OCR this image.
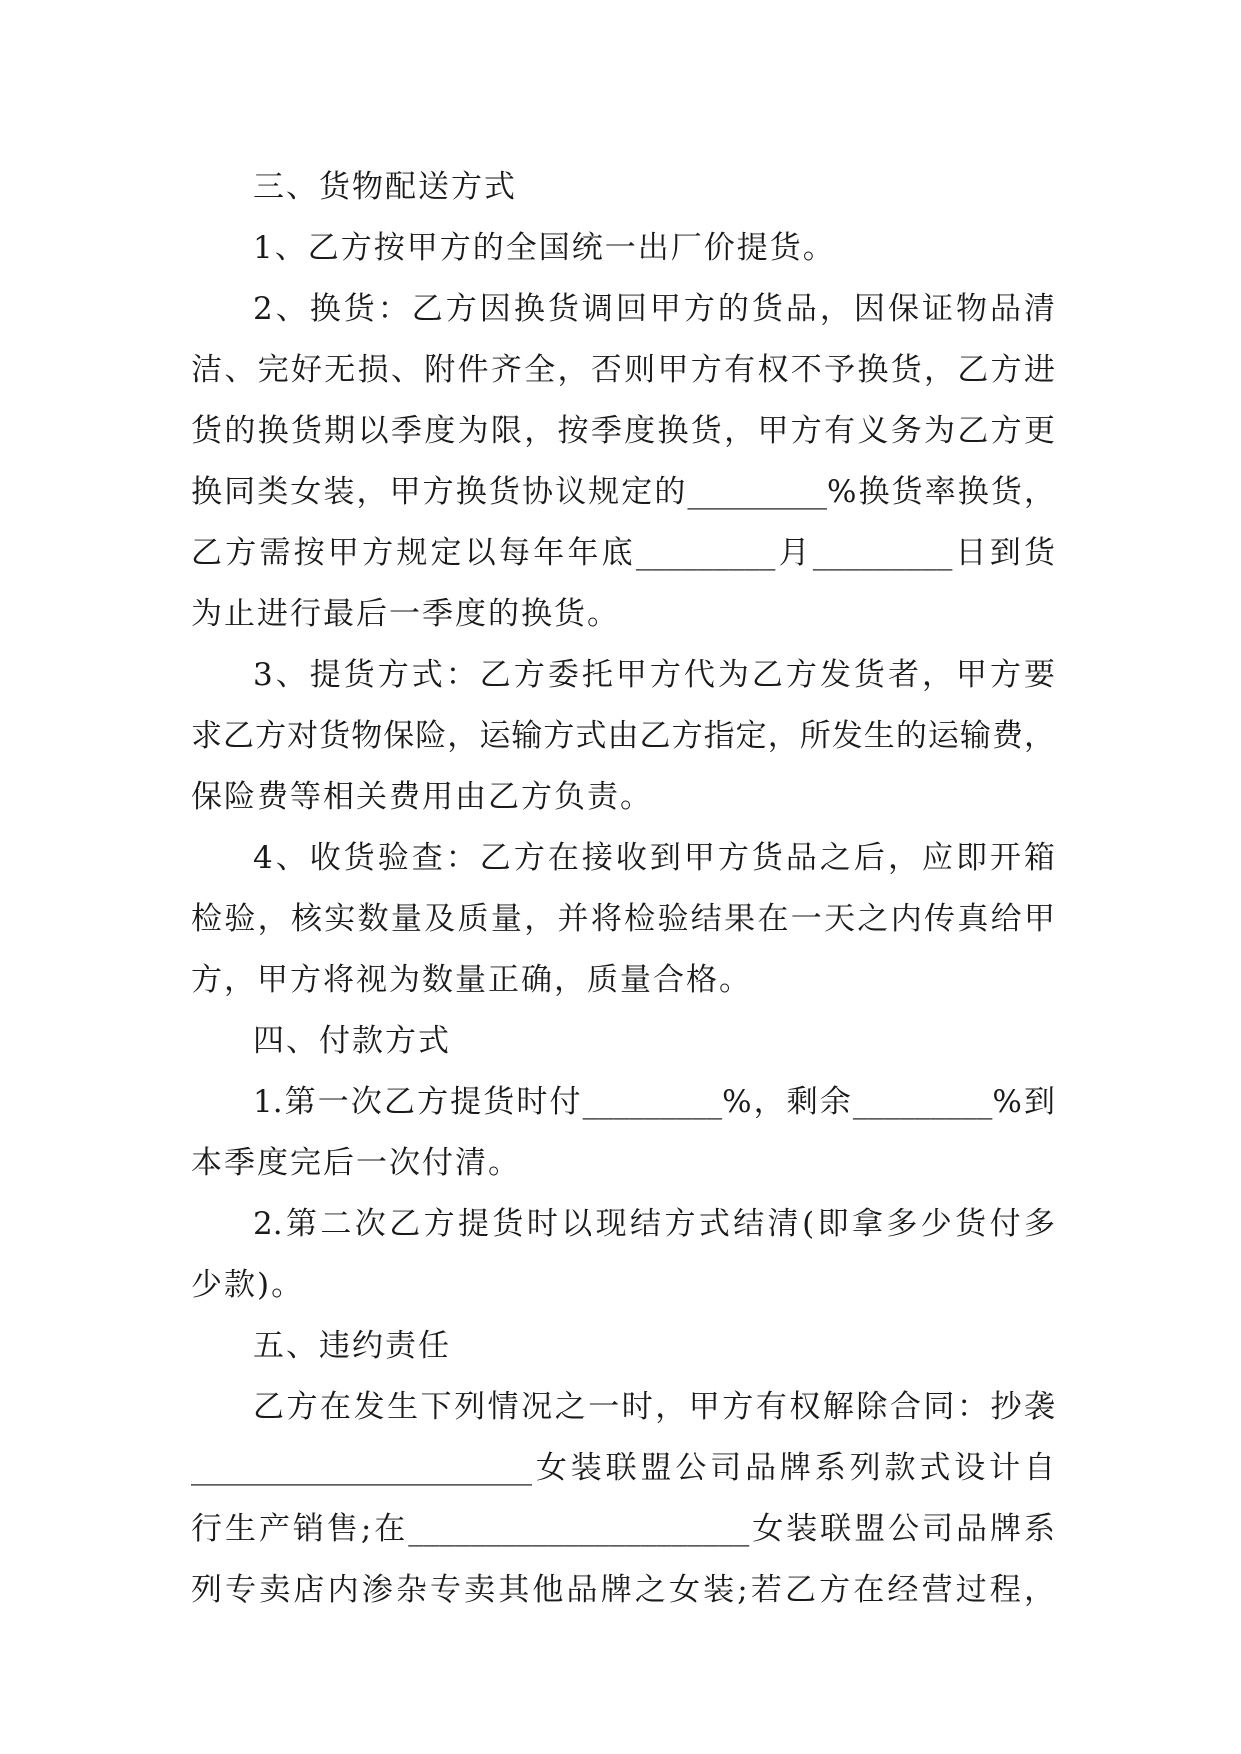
三、货物配送方式
1、乙方按甲方的全国统一出厂价提货。
2、换货：乙方因换货调回甲方的货品，因保证物品清
洁、完好无损、附件齐全，否则甲方有权不予换货，乙方进
货的换货期以季度为限，按季度换货，甲方有义务为乙方更
换同类女装，甲方换货协议规定的_________%换货率换货，
乙方需按甲方规定以每年年底_________月_________日到货
为止进行最后一季度的换货。
3、提货方式：乙方委托甲方代为乙方发货者，甲方要
求乙方对货物保险，运输方式由乙方指定，所发生的运输费，
保险费等相关费用由乙方负责。
4、收货验查：乙方在接收到甲方货品之后，应即开箱
检验，核实数量及质量，并将检验结果在一天之内传真给甲
方，甲方将视为数量正确，质量合格。
四、付款方式
1.第一次乙方提货时付_________%，剩余_________%到
本季度完后一次付清。
2.第二次乙方提货时以现结方式结清(即拿多少货付多
少款)。
五、违约责任
乙方在发生下列情况之一时，甲方有权解除合同：抄袭
______________________女装联盟公司品牌系列款式设计自
行生产销售;在______________________女装联盟公司品牌系
列专卖店内渗杂专卖其他品牌之女装;若乙方在经营过程，
